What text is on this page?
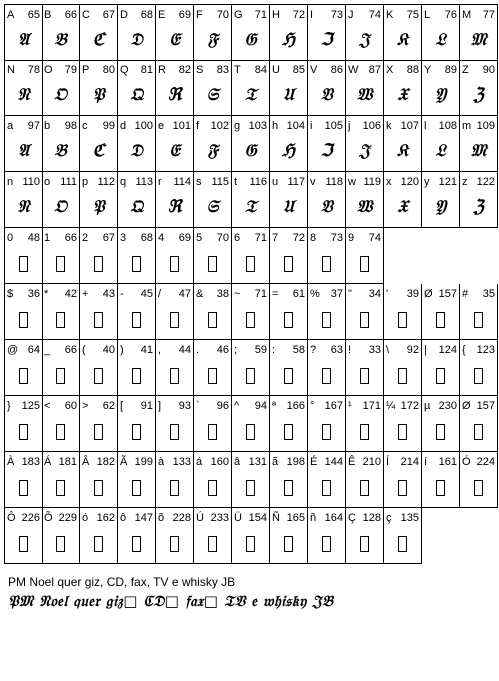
A 65
𝔄
B 66
𝔅
C 67
ℭ
D 68
𝔇
E 69
𝔈
F 70
𝔉
G 71
𝔊
H 72
ℌ
I 73
ℑ
J 74
𝔍
K 75
𝔎
L 76
𝔏
M 77
𝔐
N 78
𝔑
O 79
𝔒
P 80
𝔓
Q 81
𝔔
R 82
ℜ
S 83
𝔖
T 84
𝔗
U 85
𝔘
V 86
𝔙
W 87
𝔚
X 88
𝔛
Y 89
𝔜
Z 90
ℨ
a 97
𝔄
b 98
𝔅
c 99
ℭ
d 100
𝔇
e 101
𝔈
f 102
𝔉
g 103
𝔊
h 104
ℌ
i 105
ℑ
j 106
𝔍
k 107
𝔎
l 108
𝔏
m 109
𝔐
n 110
𝔑
o 111
𝔒
p 112
𝔓
q 113
𝔔
r 114
ℜ
s 115
𝔖
t 116
𝔗
u 117
𝔘
v 118
𝔙
w 119
𝔚
x 120
𝔛
y 121
𝔜
z 122
ℨ
0 48 1 66 2 67 3 68 4 69 5 70 6 71 7 72 8 73 9 74
$ 36 * 42 + 43 - 45 / 47 & 38 ~ 71 = 61 % 37 " 34 ' 39 Ø 157 # 35
@ 64 _ 66 ( 40 ) 41 , 44 . 46 ; 59 : 58 ? 63 ! 33 \ 92 | 124 { 123
} 125 < 60 > 62 [ 91 ] 93 ` 96 ^ 94 ª 166 ° 167 ¹ 171 ¼ 172 µ 230 Ø 157
À 183 Á 181 Â 182 Ã 199 à 133 á 160 â 131 ã 198 É 144 Ê 210 Í 214 í 161 Ó 224
Ô 226 Õ 229 ó 162 ô 147 õ 228 Ú 233 Ü 154 Ñ 165 ñ 164 Ç 128 ç 135
PM Noel quer giz, CD, fax, TV e whisky JB
𝔓𝔐 𝔑𝔬𝔢𝔩 𝔮𝔲𝔢𝔯 𝔤𝔦𝔷□ ℭ𝔇□ 𝔣𝔞𝔵□ 𝔗𝔙 𝔢 𝔴𝔥𝔦𝔰𝔨𝔶 𝔍𝔅
